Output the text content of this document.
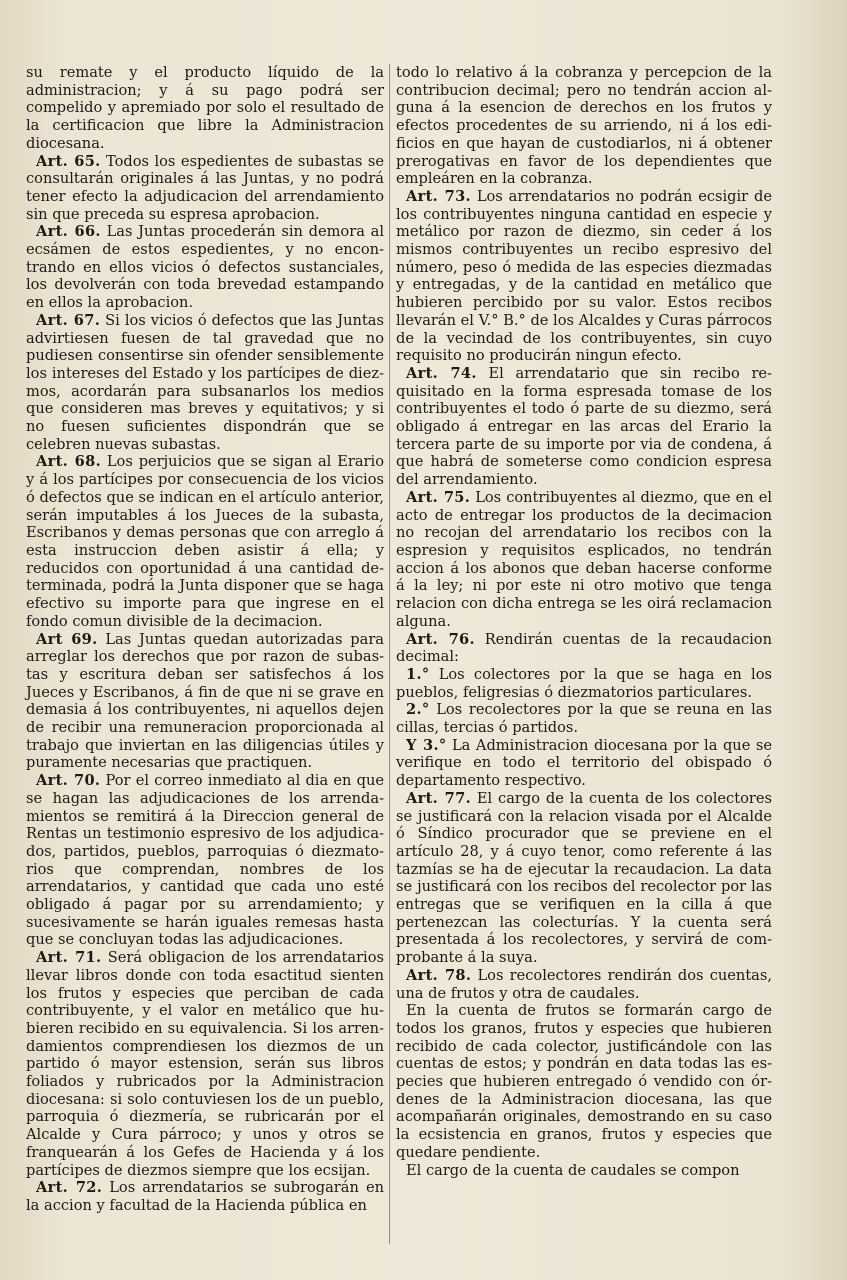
su remate y el producto líquido de la administracion; y á su pago podrá ser compelido y apremiado por solo el resultado de la certificacion que libre la Administracion diocesana.

Art. 65. Todos los espedientes de subastas se consultarán originales á las Juntas, y no podrá tener efecto la adjudicacion del arrendamiento sin que preceda su espresa aprobacion.

Art. 66. Las Juntas procederán sin demora al ecsámen de estos espedientes, y no encontrando en ellos vicios ó defectos sustanciales, los devolverán con toda brevedad estampando en ellos la aprobacion.

Art. 67. Si los vicios ó defectos que las Juntas advirtiesen fuesen de tal gravedad que no pudiesen consentirse sin ofender sensiblemente los intereses del Estado y los partícipes de diezmos, acordarán para subsanarlos los medios que consideren mas breves y equitativos; y si no fuesen suficientes dispondrán que se celebren nuevas subastas.

Art. 68. Los perjuicios que se sigan al Erario y á los partícipes por consecuencia de los vicios ó defectos que se indican en el artículo anterior, serán imputables á los Jueces de la subasta, Escribanos y demas personas que con arreglo á esta instruccion deben asistir á ella; y reducidos con oportunidad á una cantidad determinada, podrá la Junta disponer que se haga efectivo su importe para que ingrese en el fondo comun divisible de la decimacion.

Art 69. Las Juntas quedan autorizadas para arreglar los derechos que por razon de subastas y escritura deban ser satisfechos á los Jueces y Escribanos, á fin de que ni se grave en demasia á los contribuyentes, ni aquellos dejen de recibir una remuneracion proporcionada al trabajo que inviertan en las diligencias útiles y puramente necesarias que practiquen.

Art. 70. Por el correo inmediato al dia en que se hagan las adjudicaciones de los arrendamientos se remitirá á la Direccion general de Rentas un testimonio espresivo de los adjudicados, partidos, pueblos, parroquias ó diezmatorios que comprendan, nombres de los arrendatarios, y cantidad que cada uno esté obligado á pagar por su arrendamiento; y sucesivamente se harán iguales remesas hasta que se concluyan todas las adjudicaciones.

Art. 71. Será obligacion de los arrendatarios llevar libros donde con toda esactitud sienten los frutos y especies que perciban de cada contribuyente, y el valor en metálico que hubieren recibido en su equivalencia. Si los arrendamientos comprendiesen los diezmos de un partido ó mayor estension, serán sus libros foliados y rubricados por la Administracion diocesana: si solo contuviesen los de un pueblo, parroquia ó diezmería, se rubricarán por el Alcalde y Cura párroco; y unos y otros se franquearán á los Gefes de Hacienda y á los partícipes de diezmos siempre que los ecsijan.

Art. 72. Los arrendatarios se subrogarán en la accion y facultad de la Hacienda pública en

todo lo relativo á la cobranza y percepcion de la contribucion decimal; pero no tendrán accion alguna á la esencion de derechos en los frutos y efectos procedentes de su arriendo, ni á los edificios en que hayan de custodiarlos, ni á obtener prerogativas en favor de los dependientes que empleáren en la cobranza.

Art. 73. Los arrendatarios no podrán ecsigir de los contribuyentes ninguna cantidad en especie y metálico por razon de diezmo, sin ceder á los mismos contribuyentes un recibo espresivo del número, peso ó medida de las especies diezmadas y entregadas, y de la cantidad en metálico que hubieren percibido por su valor. Estos recibos llevarán el V.° B.° de los Alcaldes y Curas párrocos de la vecindad de los contribuyentes, sin cuyo requisito no producirán ningun efecto.

Art. 74. El arrendatario que sin recibo requisitado en la forma espresada tomase de los contribuyentes el todo ó parte de su diezmo, será obligado á entregar en las arcas del Erario la tercera parte de su importe por via de condena, á que habrá de someterse como condicion espresa del arrendamiento.

Art. 75. Los contribuyentes al diezmo, que en el acto de entregar los productos de la decimacion no recojan del arrendatario los recibos con la espresion y requisitos esplicados, no tendrán accion á los abonos que deban hacerse conforme á la ley; ni por este ni otro motivo que tenga relacion con dicha entrega se les oirá reclamacion alguna.

Art. 76. Rendirán cuentas de la recaudacion decimal:

1.° Los colectores por la que se haga en los pueblos, feligresias ó diezmatorios particulares.

2.° Los recolectores por la que se reuna en las cillas, tercias ó partidos.

Y 3.° La Administracion diocesana por la que se verifique en todo el territorio del obispado ó departamento respectivo.

Art. 77. El cargo de la cuenta de los colectores se justificará con la relacion visada por el Alcalde ó Síndico procurador que se previene en el artículo 28, y á cuyo tenor, como referente á las tazmías se ha de ejecutar la recaudacion. La data se justificará con los recibos del recolector por las entregas que se verifiquen en la cilla á que pertenezcan las colecturías. Y la cuenta será presentada á los recolectores, y servirá de comprobante á la suya.

Art. 78. Los recolectores rendirán dos cuentas, una de frutos y otra de caudales.

En la cuenta de frutos se formarán cargo de todos los granos, frutos y especies que hubieren recibido de cada colector, justificándole con las cuentas de estos; y pondrán en data todas las especies que hubieren entregado ó vendido con órdenes de la Administracion diocesana, las que acompañarán originales, demostrando en su caso la ecsistencia en granos, frutos y especies que quedare pendiente.

El cargo de la cuenta de caudales se compon
